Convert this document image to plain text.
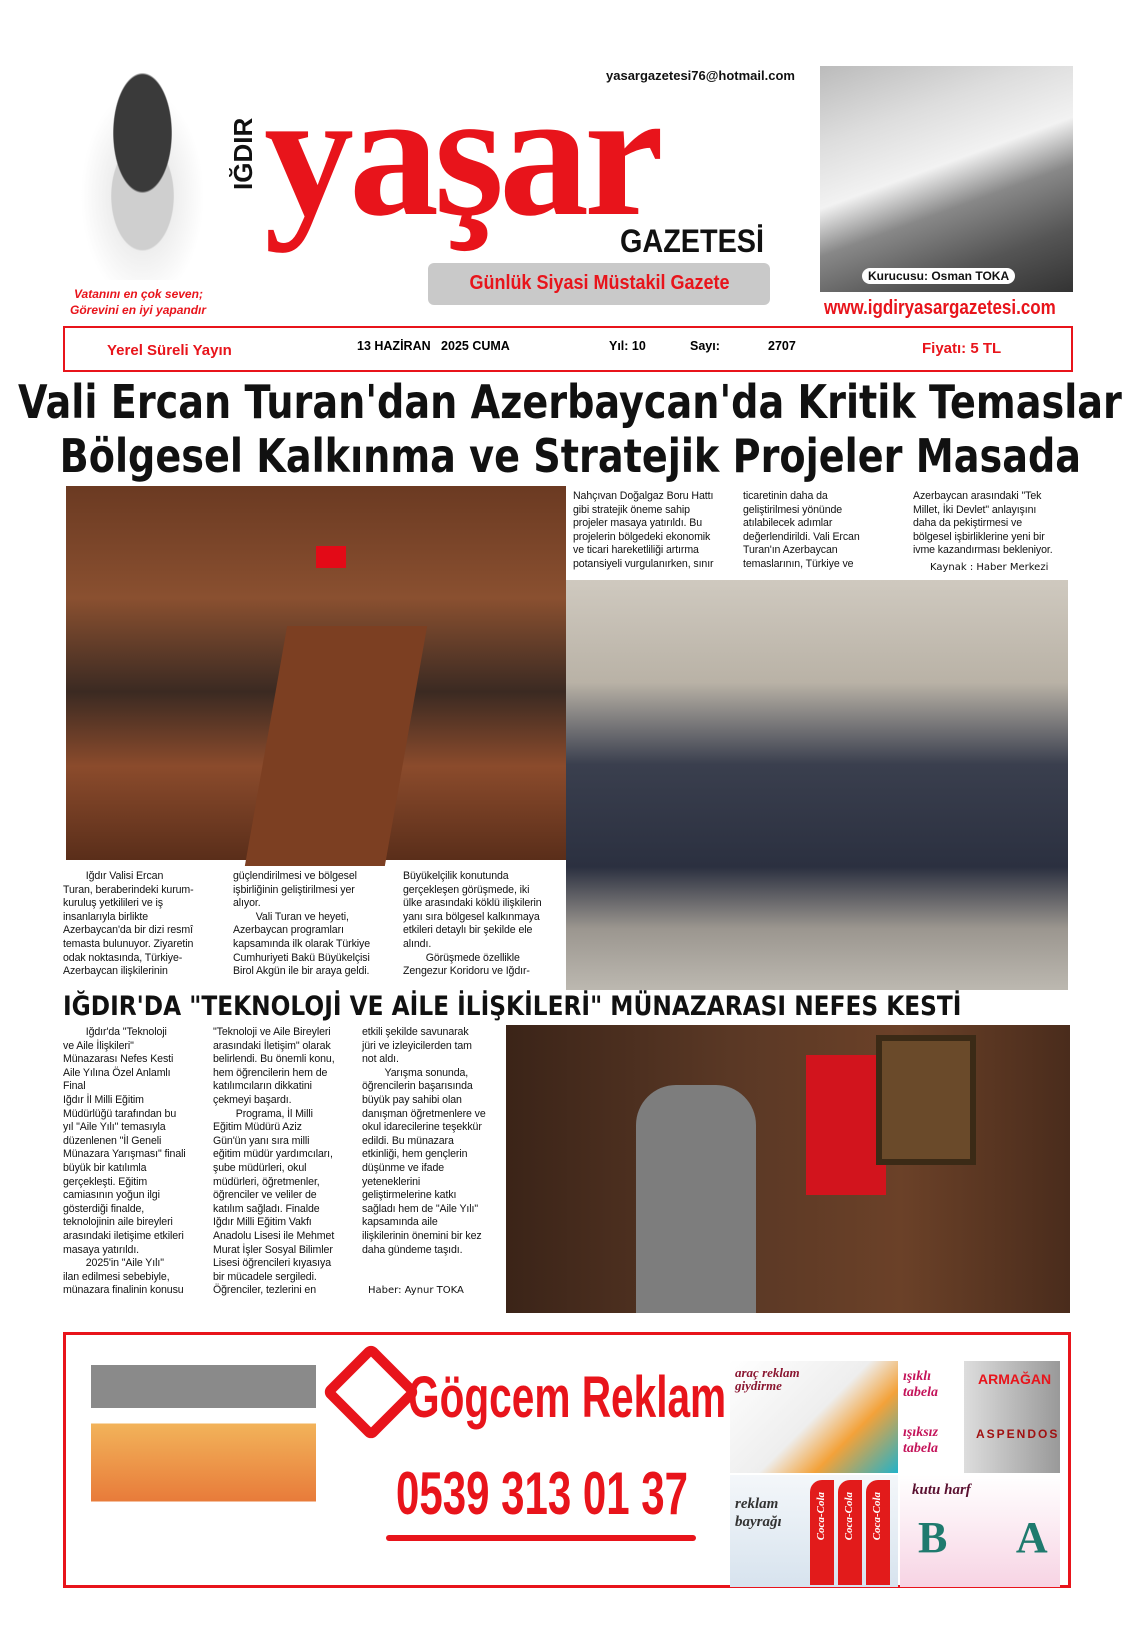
Vatanını en çok seven;
Görevini en iyi yapandır
IĞDIR yaşar
yasargazetesi76@hotmail.com
GAZETESİ
Günlük Siyasi Müstakil Gazete	Kurucusu: Osman TOKA
www.igdiryasargazetesi.com
Yerel Süreli Yayın	13 HAZİRAN   2025 CUMA	Yıl: 10	Sayı:	2707	Fiyatı: 5 TL
Vali Ercan Turan'dan Azerbaycan'da Kritik Temaslar
Bölgesel Kalkınma ve Stratejik Projeler Masada
Iğdır Valisi Ercan
Turan, beraberindeki kurum-
kuruluş yetkilileri ve iş
insanlarıyla birlikte
Azerbaycan'da bir dizi resmî
temasta bulunuyor. Ziyaretin
odak noktasında, Türkiye-
Azerbaycan ilişkilerinin
güçlendirilmesi ve bölgesel
işbirliğinin geliştirilmesi yer
alıyor.
Vali Turan ve heyeti,
Azerbaycan programları
kapsamında ilk olarak Türkiye
Cumhuriyeti Bakü Büyükelçisi
Birol Akgün ile bir araya geldi.
Büyükelçilik konutunda
gerçekleşen görüşmede, iki
ülke arasındaki köklü ilişkilerin
yanı sıra bölgesel kalkınmaya
etkileri detaylı bir şekilde ele
alındı.
Görüşmede özellikle
Zengezur Koridoru ve Iğdır-
Nahçıvan Doğalgaz Boru Hattı
gibi stratejik öneme sahip
projeler masaya yatırıldı. Bu
projelerin bölgedeki ekonomik
ve ticari hareketliliği artırma
potansiyeli vurgulanırken, sınır
ticaretinin daha da
geliştirilmesi yönünde
atılabilecek adımlar
değerlendirildi. Vali Ercan
Turan'ın Azerbaycan
temaslarının, Türkiye ve
Azerbaycan arasındaki "Tek
Millet, İki Devlet" anlayışını
daha da pekiştirmesi ve
bölgesel işbirliklerine yeni bir
ivme kazandırması bekleniyor.
Kaynak : Haber Merkezi
IĞDIR'DA "TEKNOLOJİ VE AİLE İLİŞKİLERİ" MÜNAZARASI NEFES KESTİ
Iğdır'da "Teknoloji
ve Aile İlişkileri"
Münazarası Nefes Kesti
Aile Yılına Özel Anlamlı
Final
Iğdır İl Milli Eğitim
Müdürlüğü tarafından bu
yıl "Aile Yılı" temasıyla
düzenlenen "İl Geneli
Münazara Yarışması" finali
büyük bir katılımla
gerçekleşti. Eğitim
camiasının yoğun ilgi
gösterdiği finalde,
teknolojinin aile bireyleri
arasındaki iletişime etkileri
masaya yatırıldı.
2025'in "Aile Yılı"
ilan edilmesi sebebiyle,
münazara finalinin konusu
"Teknoloji ve Aile Bireyleri
arasındaki İletişim" olarak
belirlendi. Bu önemli konu,
hem öğrencilerin hem de
katılımcıların dikkatini
çekmeyi başardı.
Programa, İl Milli
Eğitim Müdürü Aziz
Gün'ün yanı sıra milli
eğitim müdür yardımcıları,
şube müdürleri, okul
müdürleri, öğretmenler,
öğrenciler ve veliler de
katılım sağladı. Finalde
Iğdır Milli Eğitim Vakfı
Anadolu Lisesi ile Mehmet
Murat İşler Sosyal Bilimler
Lisesi öğrencileri kıyasıya
bir mücadele sergiledi.
Öğrenciler, tezlerini en
etkili şekilde savunarak
jüri ve izleyicilerden tam
not aldı.
Yarışma sonunda,
öğrencilerin başarısında
büyük pay sahibi olan
danışman öğretmenlere ve
okul idarecilerine teşekkür
edildi. Bu münazara
etkinliği, hem gençlerin
düşünme ve ifade
yeteneklerini
geliştirmelerine katkı
sağladı hem de "Aile Yılı"
kapsamında aile
ilişkilerinin önemini bir kez
daha gündeme taşıdı.
Haber: Aynur TOKA
Gögcem Reklam
0539 313 01 37
araç reklam giydirme
ışıklı tabela
ışıksız tabela
ARMAĞAN
ASPENDOS
reklam bayrağı	Coca-Cola Coca-Cola Coca-Cola
kutu harf
B A
